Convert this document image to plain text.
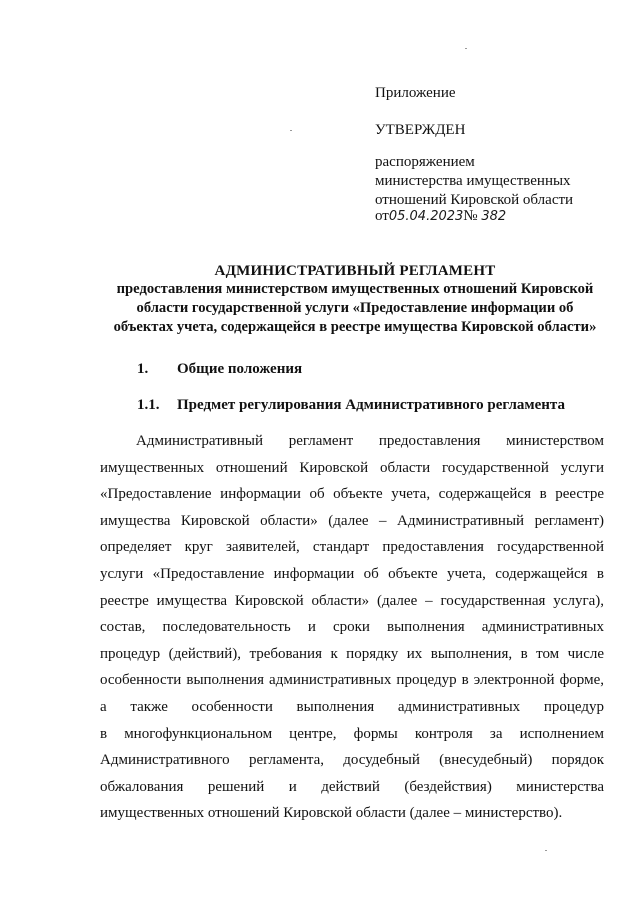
Приложение
УТВЕРЖДЕН
распоряжением
министерства имущественных
отношений Кировской области
от05.04.2023№ 382
АДМИНИСТРАТИВНЫЙ РЕГЛАМЕНТ
предоставления министерством имущественных отношений Кировской
области государственной услуги «Предоставление информации об
объектах учета, содержащейся в реестре имущества Кировской области»
1. Общие положения
1.1. Предмет регулирования Административного регламента
Административный регламент предоставления министерством
имущественных отношений Кировской области государственной услуги
«Предоставление информации об объекте учета, содержащейся в реестре
имущества Кировской области» (далее – Административный регламент)
определяет круг заявителей, стандарт предоставления государственной
услуги «Предоставление информации об объекте учета, содержащейся в
реестре имущества Кировской области» (далее – государственная услуга),
состав, последовательность и сроки выполнения административных
процедур (действий), требования к порядку их выполнения, в том числе
особенности выполнения административных процедур в электронной форме,
а также особенности выполнения административных процедур
в многофункциональном центре, формы контроля за исполнением
Административного регламента, досудебный (внесудебный) порядок
обжалования решений и действий (бездействия) министерства
имущественных отношений Кировской области (далее – министерство).
